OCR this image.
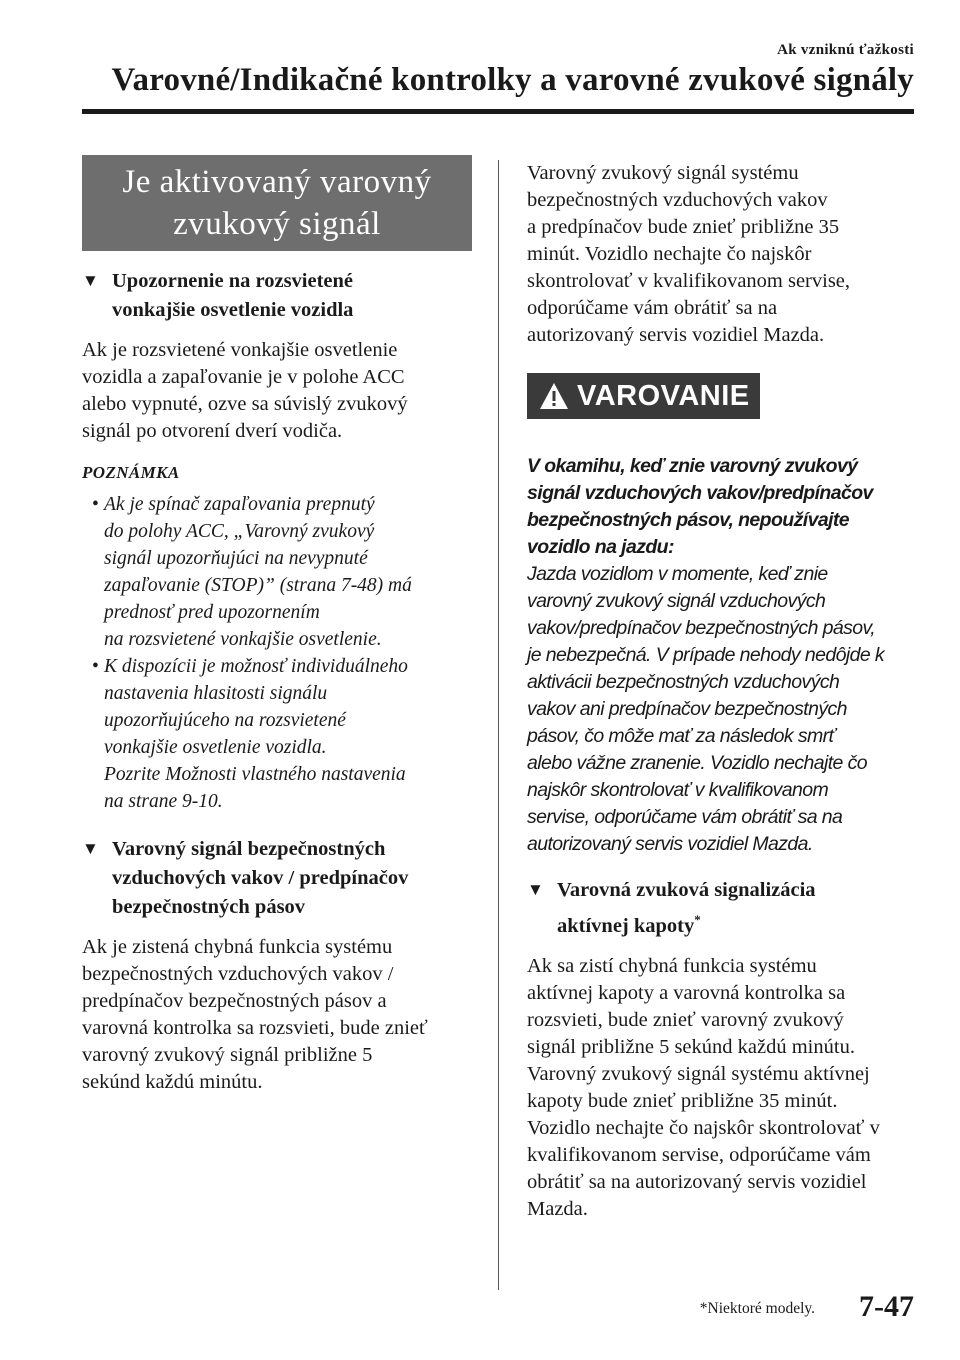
Ak vzniknú ťažkosti
Varovné/Indikačné kontrolky a varovné zvukové signály
Je aktivovaný varovný
zvukový signál
▼ Upozornenie na rozsvietené
vonkajšie osvetlenie vozidla
Ak je rozsvietené vonkajšie osvetlenie
vozidla a zapaľovanie je v polohe ACC
alebo vypnuté, ozve sa súvislý zvukový
signál po otvorení dverí vodiča.
POZNÁMKA
• Ak je spínač zapaľovania prepnutý
do polohy ACC, „Varovný zvukový
signál upozorňujúci na nevypnuté
zapaľovanie (STOP)” (strana 7-48) má
prednosť pred upozornením
na rozsvietené vonkajšie osvetlenie.
• K dispozícii je možnosť individuálneho
nastavenia hlasitosti signálu
upozorňujúceho na rozsvietené
vonkajšie osvetlenie vozidla.
Pozrite Možnosti vlastného nastavenia
na strane 9-10.
▼ Varovný signál bezpečnostných
vzduchových vakov / predpínačov
bezpečnostných pásov
Ak je zistená chybná funkcia systému
bezpečnostných vzduchových vakov /
predpínačov bezpečnostných pásov a
varovná kontrolka sa rozsvieti, bude znieť
varovný zvukový signál približne 5
sekúnd každú minútu.
Varovný zvukový signál systému
bezpečnostných vzduchových vakov
a predpínačov bude znieť približne 35
minút. Vozidlo nechajte čo najskôr
skontrolovať v kvalifikovanom servise,
odporúčame vám obrátiť sa na
autorizovaný servis vozidiel Mazda.
VAROVANIE
V okamihu, keď znie varovný zvukový
signál vzduchových vakov/predpínačov
bezpečnostných pásov, nepoužívajte
vozidlo na jazdu:
Jazda vozidlom v momente, keď znie
varovný zvukový signál vzduchových
vakov/predpínačov bezpečnostných pásov,
je nebezpečná. V prípade nehody nedôjde k
aktivácii bezpečnostných vzduchových
vakov ani predpínačov bezpečnostných
pásov, čo môže mať za následok smrť
alebo vážne zranenie. Vozidlo nechajte čo
najskôr skontrolovať v kvalifikovanom
servise, odporúčame vám obrátiť sa na
autorizovaný servis vozidiel Mazda.
▼ Varovná zvuková signalizácia
aktívnej kapoty*
Ak sa zistí chybná funkcia systému
aktívnej kapoty a varovná kontrolka sa
rozsvieti, bude znieť varovný zvukový
signál približne 5 sekúnd každú minútu.
Varovný zvukový signál systému aktívnej
kapoty bude znieť približne 35 minút.
Vozidlo nechajte čo najskôr skontrolovať v
kvalifikovanom servise, odporúčame vám
obrátiť sa na autorizovaný servis vozidiel
Mazda.
*Niektoré modely. 7-47
